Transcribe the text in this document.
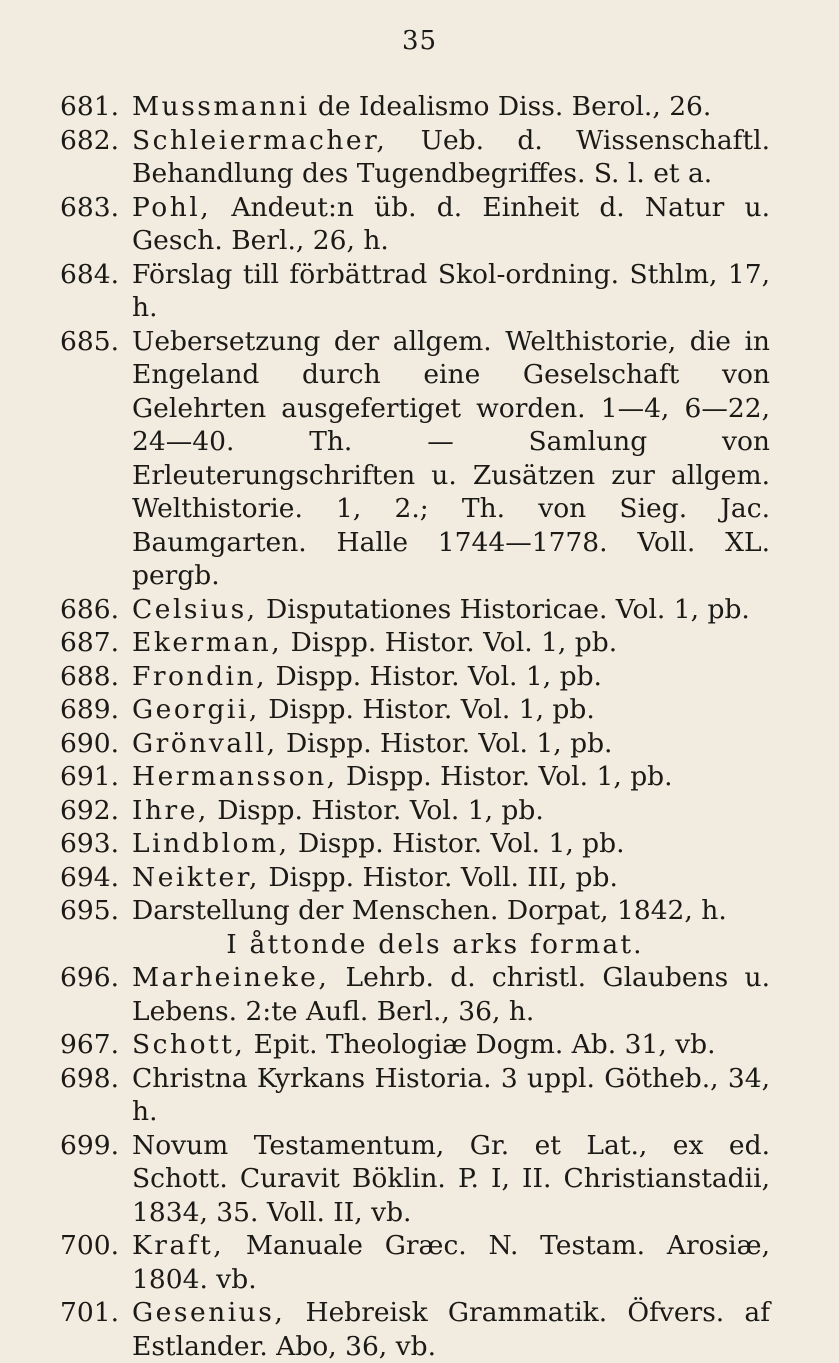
35
681. Mussmanni de Idealismo Diss. Berol., 26.
682. Schleiermacher, Ueb. d. Wissenschaftl. Behandlung des Tugendbegriffes. S. l. et a.
683. Pohl, Andeut:n üb. d. Einheit d. Natur u. Gesch. Berl., 26, h.
684. Förslag till förbättrad Skol-ordning. Sthlm, 17, h.
685. Uebersetzung der allgem. Welthistorie, die in Engeland durch eine Geselschaft von Gelehrten ausgefertiget worden. 1—4, 6—22, 24—40. Th. — Samlung von Erleuterungschriften u. Zusätzen zur allgem. Welthistorie. 1, 2.; Th. von Sieg. Jac. Baumgarten. Halle 1744—1778. Voll. XL. pergb.
686. Celsius, Disputationes Historicae. Vol. 1, pb.
687. Ekerman, Dispp. Histor. Vol. 1, pb.
688. Frondin, Dispp. Histor. Vol. 1, pb.
689. Georgii, Dispp. Histor. Vol. 1, pb.
690. Grönvall, Dispp. Histor. Vol. 1, pb.
691. Hermansson, Dispp. Histor. Vol. 1, pb.
692. Ihre, Dispp. Histor. Vol. 1, pb.
693. Lindblom, Dispp. Histor. Vol. 1, pb.
694. Neikter, Dispp. Histor. Voll. III, pb.
695. Darstellung der Menschen. Dorpat, 1842, h.
I åttonde dels arks format.
696. Marheineke, Lehrb. d. christl. Glaubens u. Lebens. 2:te Aufl. Berl., 36, h.
967. Schott, Epit. Theologiæ Dogm. Ab. 31, vb.
698. Christna Kyrkans Historia. 3 uppl. Götheb., 34, h.
699. Novum Testamentum, Gr. et Lat., ex ed. Schott. Curavit Böklin. P. I, II. Christianstadii, 1834, 35. Voll. II, vb.
700. Kraft, Manuale Græc. N. Testam. Arosiæ, 1804. vb.
701. Gesenius, Hebreisk Grammatik. Öfvers. af Estlander. Abo, 36, vb.
